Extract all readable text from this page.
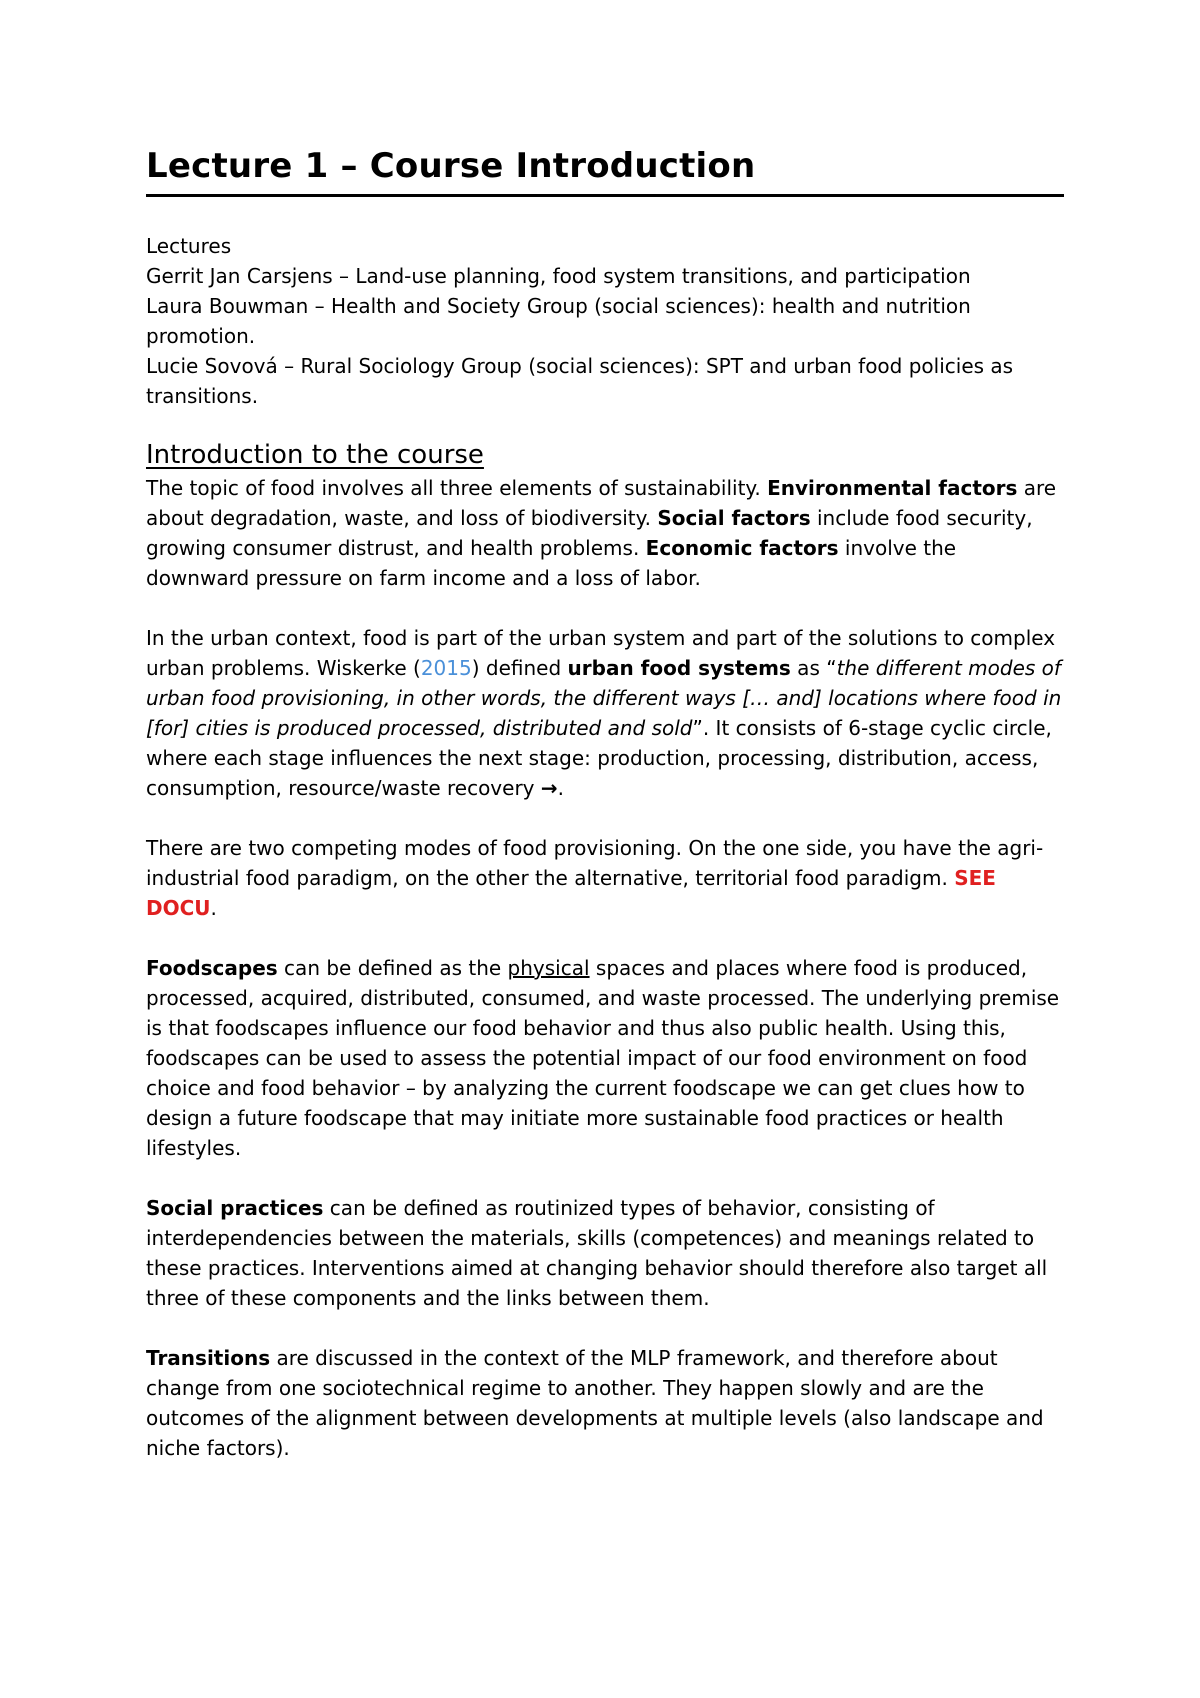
Lecture 1 – Course Introduction
Lectures
Gerrit Jan Carsjens – Land-use planning, food system transitions, and participation
Laura Bouwman – Health and Society Group (social sciences): health and nutrition promotion.
Lucie Sovová – Rural Sociology Group (social sciences): SPT and urban food policies as transitions.
Introduction to the course

The topic of food involves all three elements of sustainability. Environmental factors are about degradation, waste, and loss of biodiversity. Social factors include food security, growing consumer distrust, and health problems. Economic factors involve the downward pressure on farm income and a loss of labor.

In the urban context, food is part of the urban system and part of the solutions to complex urban problems. Wiskerke (2015) defined urban food systems as “the different modes of urban food provisioning, in other words, the different ways [… and] locations where food in [for] cities is produced processed, distributed and sold”. It consists of 6-stage cyclic circle, where each stage influences the next stage: production, processing, distribution, access, consumption, resource/waste recovery →.

There are two competing modes of food provisioning. On the one side, you have the agri-industrial food paradigm, on the other the alternative, territorial food paradigm. SEE DOCU.

Foodscapes can be defined as the physical spaces and places where food is produced, processed, acquired, distributed, consumed, and waste processed. The underlying premise is that foodscapes influence our food behavior and thus also public health. Using this, foodscapes can be used to assess the potential impact of our food environment on food choice and food behavior – by analyzing the current foodscape we can get clues how to design a future foodscape that may initiate more sustainable food practices or health lifestyles.

Social practices can be defined as routinized types of behavior, consisting of interdependencies between the materials, skills (competences) and meanings related to these practices. Interventions aimed at changing behavior should therefore also target all three of these components and the links between them.

Transitions are discussed in the context of the MLP framework, and therefore about change from one sociotechnical regime to another. They happen slowly and are the outcomes of the alignment between developments at multiple levels (also landscape and niche factors).
